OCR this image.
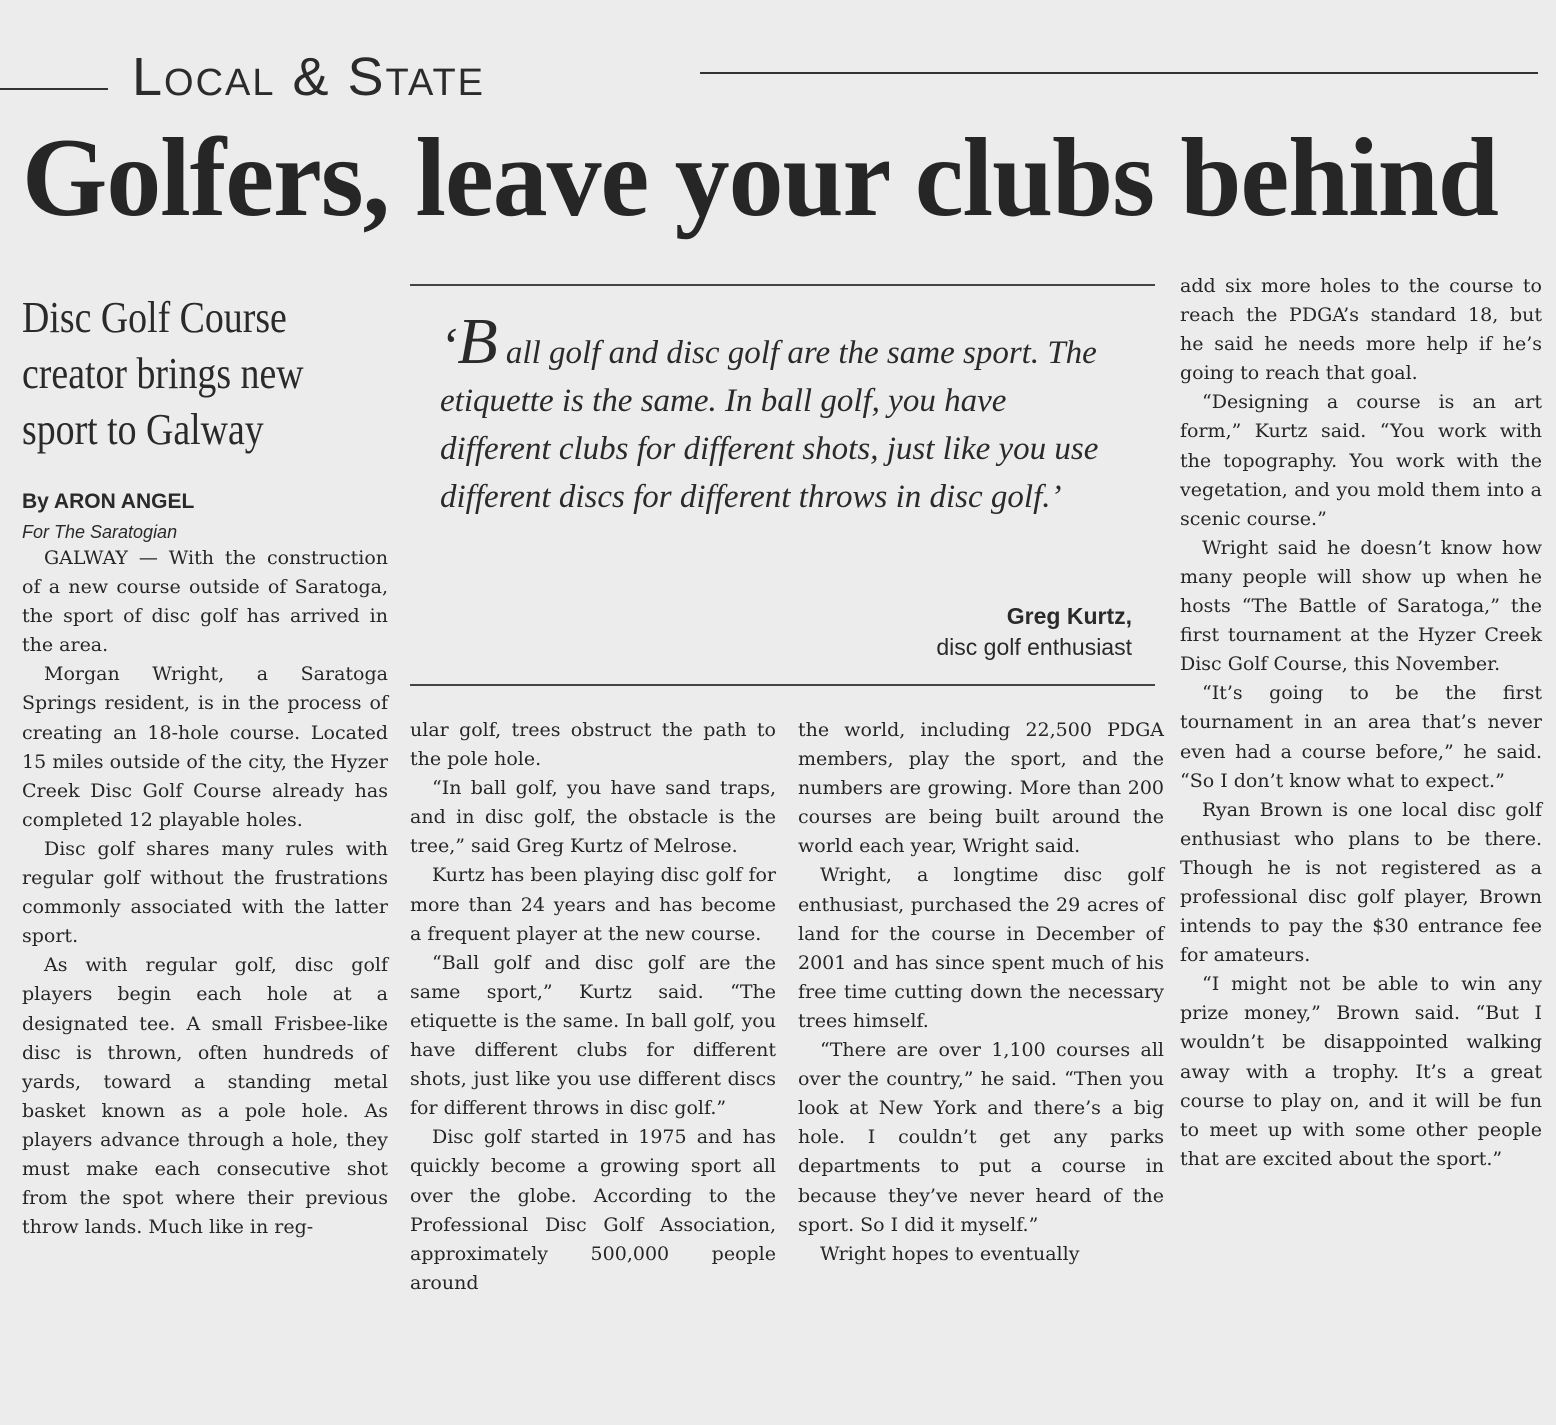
Local & State
Golfers, leave your clubs behind
Disc Golf Course
creator brings new
sport to Galway
By ARON ANGEL
For The Saratogian
‘B all golf and disc golf are the same sport. The etiquette is the same. In ball golf, you have different clubs for different shots, just like you use different discs for different throws in disc golf.’
Greg Kurtz,
disc golf enthusiast

GALWAY — With the construction of a new course outside of Saratoga, the sport of disc golf has arrived in the area.

Morgan Wright, a Saratoga Springs resident, is in the process of creating an 18-hole course. Located 15 miles outside of the city, the Hyzer Creek Disc Golf Course already has completed 12 playable holes.

Disc golf shares many rules with regular golf without the frustrations commonly associated with the latter sport.

As with regular golf, disc golf players begin each hole at a designated tee. A small Frisbee-like disc is thrown, often hundreds of yards, toward a standing metal basket known as a pole hole. As players advance through a hole, they must make each consecutive shot from the spot where their previous throw lands. Much like in reg-

ular golf, trees obstruct the path to the pole hole.

“In ball golf, you have sand traps, and in disc golf, the obstacle is the tree,” said Greg Kurtz of Melrose.

Kurtz has been playing disc golf for more than 24 years and has become a frequent player at the new course.

“Ball golf and disc golf are the same sport,” Kurtz said. “The etiquette is the same. In ball golf, you have different clubs for different shots, just like you use different discs for different throws in disc golf.”

Disc golf started in 1975 and has quickly become a growing sport all over the globe. According to the Professional Disc Golf Association, approximately 500,000 people around

the world, including 22,500 PDGA members, play the sport, and the numbers are growing. More than 200 courses are being built around the world each year, Wright said.

Wright, a longtime disc golf enthusiast, purchased the 29 acres of land for the course in December of 2001 and has since spent much of his free time cutting down the necessary trees himself.

“There are over 1,100 courses all over the country,” he said. “Then you look at New York and there’s a big hole. I couldn’t get any parks departments to put a course in because they’ve never heard of the sport. So I did it myself.”

Wright hopes to eventually

add six more holes to the course to reach the PDGA’s standard 18, but he said he needs more help if he’s going to reach that goal.

“Designing a course is an art form,” Kurtz said. “You work with the topography. You work with the vegetation, and you mold them into a scenic course.”

Wright said he doesn’t know how many people will show up when he hosts “The Battle of Saratoga,” the first tournament at the Hyzer Creek Disc Golf Course, this November.

“It’s going to be the first tournament in an area that’s never even had a course before,” he said. “So I don’t know what to expect.”

Ryan Brown is one local disc golf enthusiast who plans to be there. Though he is not registered as a professional disc golf player, Brown intends to pay the $30 entrance fee for amateurs.

“I might not be able to win any prize money,” Brown said. “But I wouldn’t be disappointed walking away with a trophy. It’s a great course to play on, and it will be fun to meet up with some other people that are excited about the sport.”
